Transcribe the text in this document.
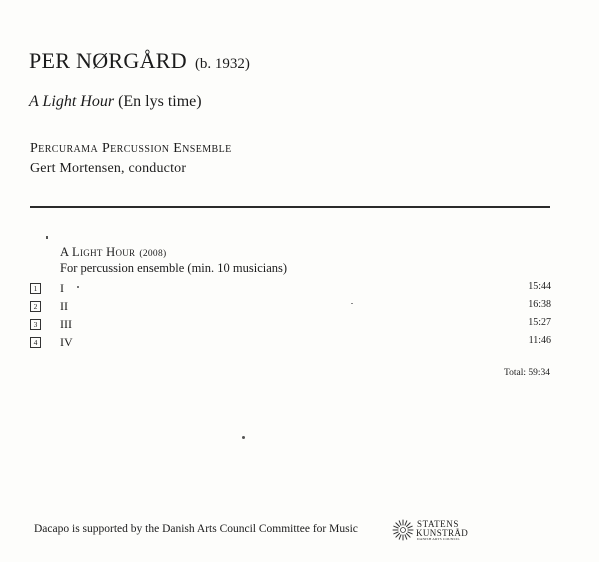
PER NØRGÅRD (b. 1932)
A Light Hour (En lys time)
Percurama Percussion Ensemble
Gert Mortensen, conductor
A Light Hour (2008)
For percussion ensemble (min. 10 musicians)
1	I	15:44
2	II	16:38
3	III	15:27
4	IV	11:46
Total: 59:34
Dacapo is supported by the Danish Arts Council Committee for Music	STATENS
KUNSTRÅD
DANISH ARTS COUNCIL
